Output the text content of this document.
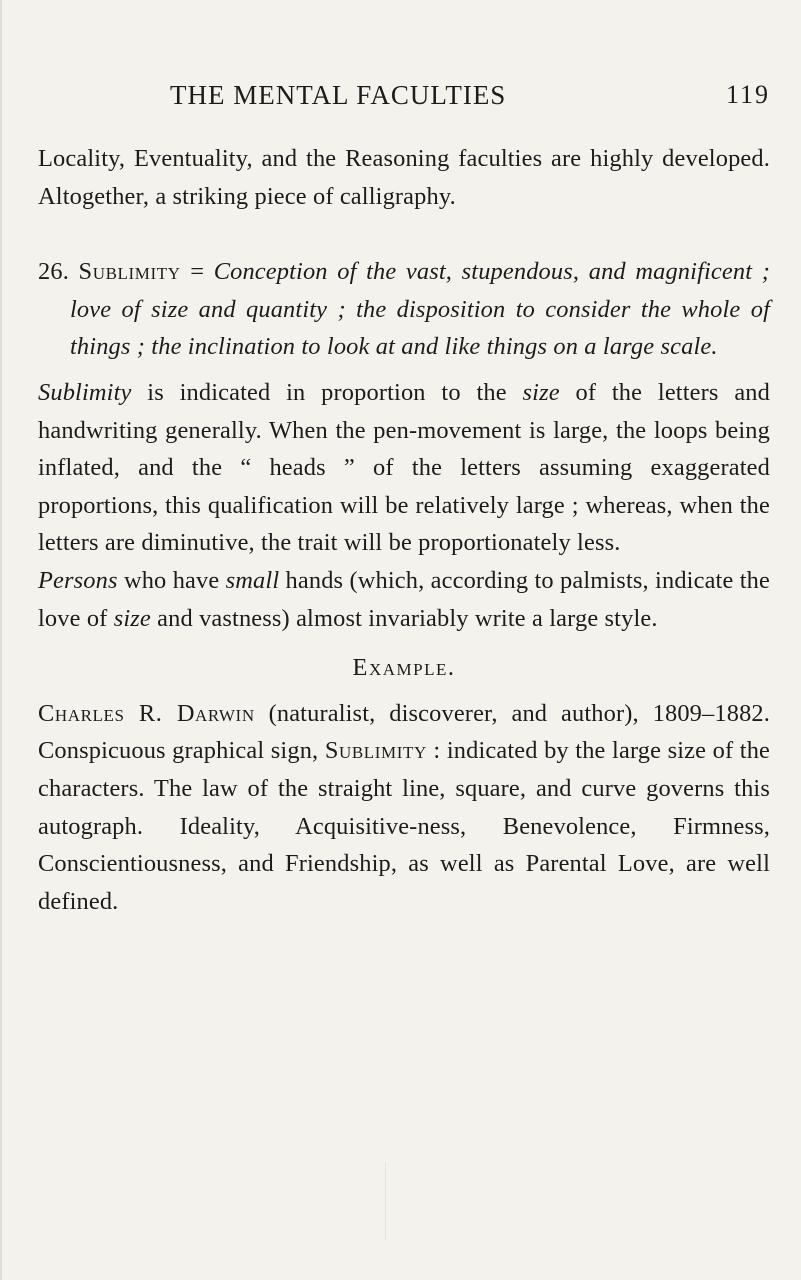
THE MENTAL FACULTIES	119

Locality, Eventuality, and the Reasoning faculties are highly developed. Altogether, a striking piece of calligraphy.

26. Sublimity = Conception of the vast, stupendous, and magnificent ; love of size and quantity ; the disposition to consider the whole of things ; the inclination to look at and like things on a large scale.

Sublimity is indicated in proportion to the size of the letters and handwriting generally. When the pen-movement is large, the loops being inflated, and the “ heads ” of the letters assuming exaggerated proportions, this qualification will be relatively large ; whereas, when the letters are diminutive, the trait will be proportionately less.

Persons who have small hands (which, according to palmists, indicate the love of size and vastness) almost invariably write a large style.

Example.

Charles R. Darwin (naturalist, discoverer, and author), 1809–1882. Conspicuous graphical sign, Sublimity : indicated by the large size of the characters. The law of the straight line, square, and curve governs this autograph. Ideality, Acquisitive-ness, Benevolence, Firmness, Conscientiousness, and Friendship, as well as Parental Love, are well defined.
